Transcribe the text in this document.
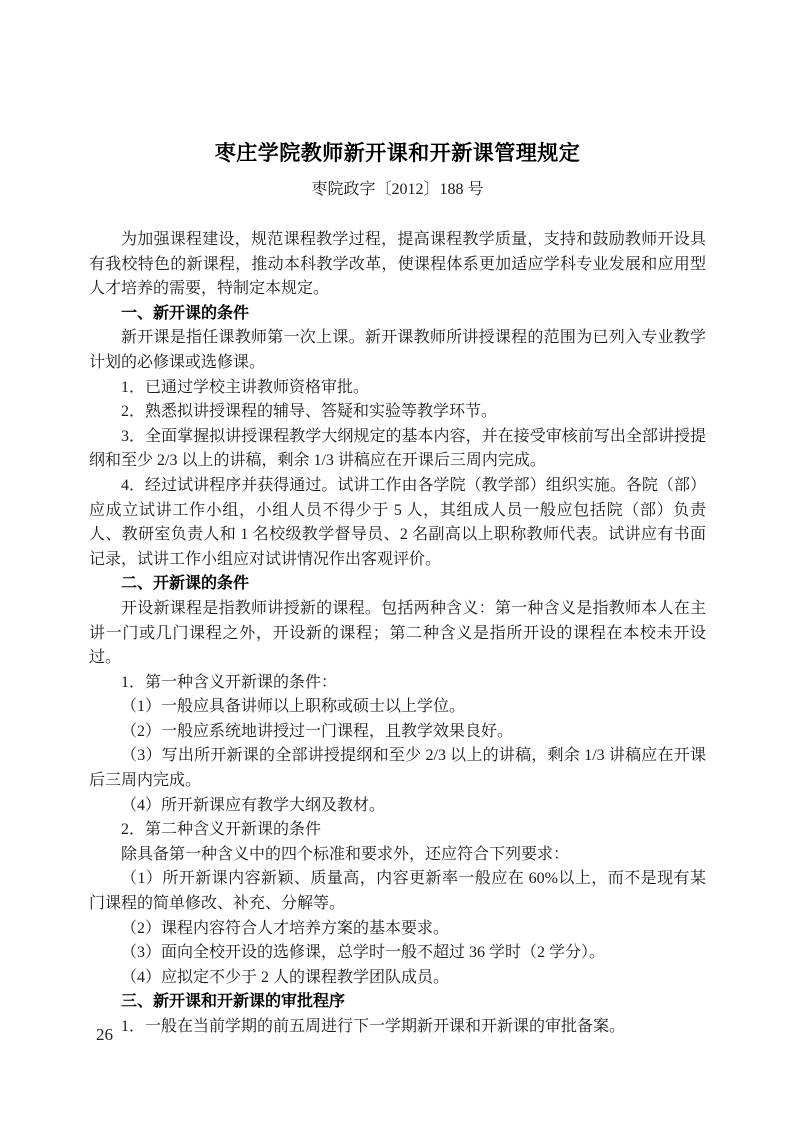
枣庄学院教师新开课和开新课管理规定

枣院政字〔2012〕188 号

为加强课程建设，规范课程教学过程，提高课程教学质量，支持和鼓励教师开设具有我校特色的新课程，推动本科教学改革，使课程体系更加适应学科专业发展和应用型人才培养的需要，特制定本规定。

一、新开课的条件

新开课是指任课教师第一次上课。新开课教师所讲授课程的范围为已列入专业教学计划的必修课或选修课。

1．已通过学校主讲教师资格审批。

2．熟悉拟讲授课程的辅导、答疑和实验等教学环节。

3．全面掌握拟讲授课程教学大纲规定的基本内容，并在接受审核前写出全部讲授提纲和至少 2/3 以上的讲稿，剩余 1/3 讲稿应在开课后三周内完成。

4．经过试讲程序并获得通过。试讲工作由各学院（教学部）组织实施。各院（部）应成立试讲工作小组，小组人员不得少于 5 人，其组成人员一般应包括院（部）负责人、教研室负责人和 1 名校级教学督导员、2 名副高以上职称教师代表。试讲应有书面记录，试讲工作小组应对试讲情况作出客观评价。

二、开新课的条件

开设新课程是指教师讲授新的课程。包括两种含义：第一种含义是指教师本人在主讲一门或几门课程之外，开设新的课程；第二种含义是指所开设的课程在本校未开设过。

1．第一种含义开新课的条件：

（1）一般应具备讲师以上职称或硕士以上学位。

（2）一般应系统地讲授过一门课程，且教学效果良好。

（3）写出所开新课的全部讲授提纲和至少 2/3 以上的讲稿，剩余 1/3 讲稿应在开课后三周内完成。

（4）所开新课应有教学大纲及教材。

2．第二种含义开新课的条件

除具备第一种含义中的四个标准和要求外，还应符合下列要求：

（1）所开新课内容新颖、质量高，内容更新率一般应在 60%以上，而不是现有某门课程的简单修改、补充、分解等。

（2）课程内容符合人才培养方案的基本要求。

（3）面向全校开设的选修课，总学时一般不超过 36 学时（2 学分）。

（4）应拟定不少于 2 人的课程教学团队成员。

三、新开课和开新课的审批程序

1．一般在当前学期的前五周进行下一学期新开课和开新课的审批备案。

26
